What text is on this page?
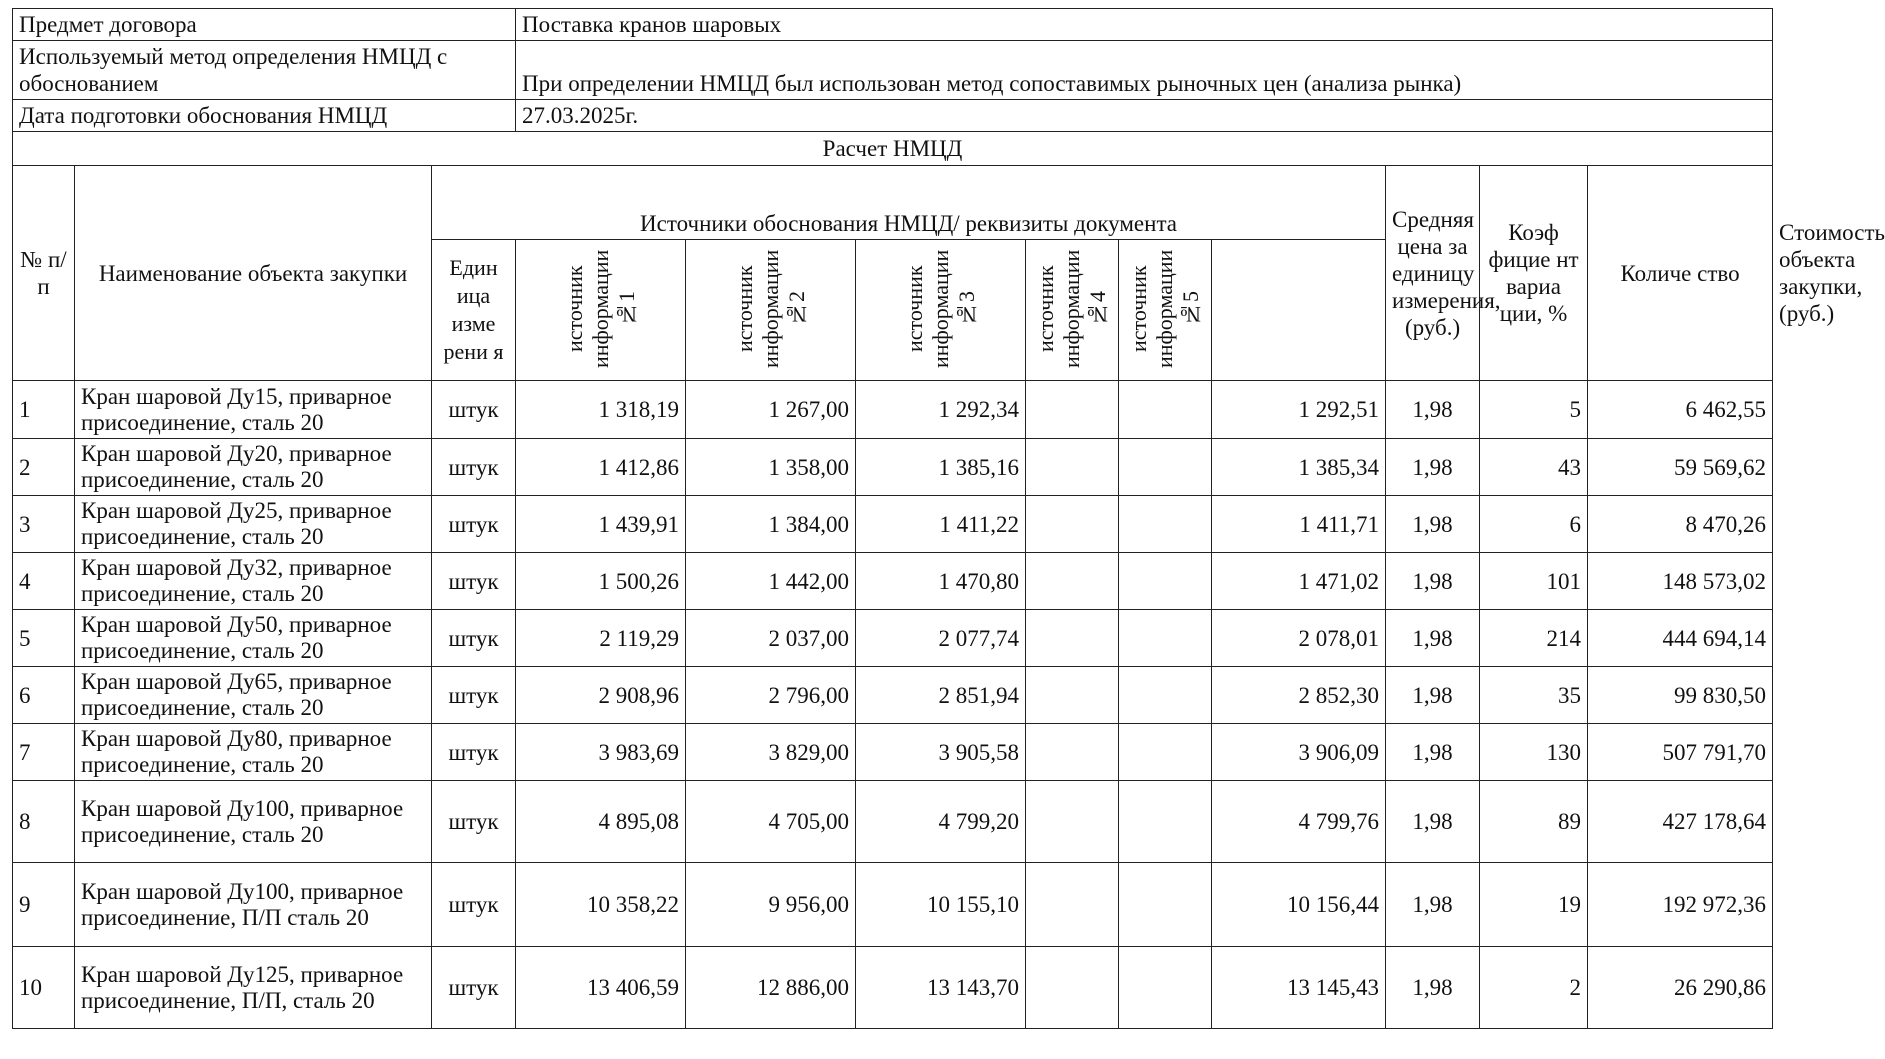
Предмет договора			Поставка кранов шаровых									
Используемый метод определения НМЦД с обоснованием			При определении НМЦД был использован метод сопоставимых рыночных цен (анализа рынка)									
Дата подготовки обоснования НМЦД			27.03.2025г.									
Расчет НМЦД												
№ п/п	Наименование объекта закупки	Источники обоснования НМЦД/ реквизиты документа							Средняя цена за единицу измерения, (руб.)	Коэф фицие нт вариа ции, %	Количе ство	Стоимость объекта закупки, (руб.)
		Един ица изме рени я	источник информации №1	источник информации №2	источник информации №3	источник информации №4	источник информации №5					

1	Кран шаровой Ду15, приварное присоединение, сталь 20	штук	1 318,19	1 267,00	1 292,34			1 292,51	1,98	5	6 462,55	
2	Кран шаровой Ду20, приварное присоединение, сталь 20	штук	1 412,86	1 358,00	1 385,16			1 385,34	1,98	43	59 569,62	
3	Кран шаровой Ду25, приварное присоединение, сталь 20	штук	1 439,91	1 384,00	1 411,22			1 411,71	1,98	6	8 470,26	
4	Кран шаровой Ду32, приварное присоединение, сталь 20	штук	1 500,26	1 442,00	1 470,80			1 471,02	1,98	101	148 573,02	
5	Кран шаровой Ду50, приварное присоединение, сталь 20	штук	2 119,29	2 037,00	2 077,74			2 078,01	1,98	214	444 694,14	
6	Кран шаровой Ду65, приварное присоединение, сталь 20	штук	2 908,96	2 796,00	2 851,94			2 852,30	1,98	35	99 830,50	
7	Кран шаровой Ду80, приварное присоединение, сталь 20	штук	3 983,69	3 829,00	3 905,58			3 906,09	1,98	130	507 791,70	
8	Кран шаровой Ду100, приварное присоединение, сталь 20	штук	4 895,08	4 705,00	4 799,20			4 799,76	1,98	89	427 178,64	
9	Кран шаровой Ду100, приварное присоединение, П/П сталь 20	штук	10 358,22	9 956,00	10 155,10			10 156,44	1,98	19	192 972,36	
10	Кран шаровой Ду125, приварное присоединение, П/П, сталь 20	штук	13 406,59	12 886,00	13 143,70			13 145,43	1,98	2	26 290,86	
